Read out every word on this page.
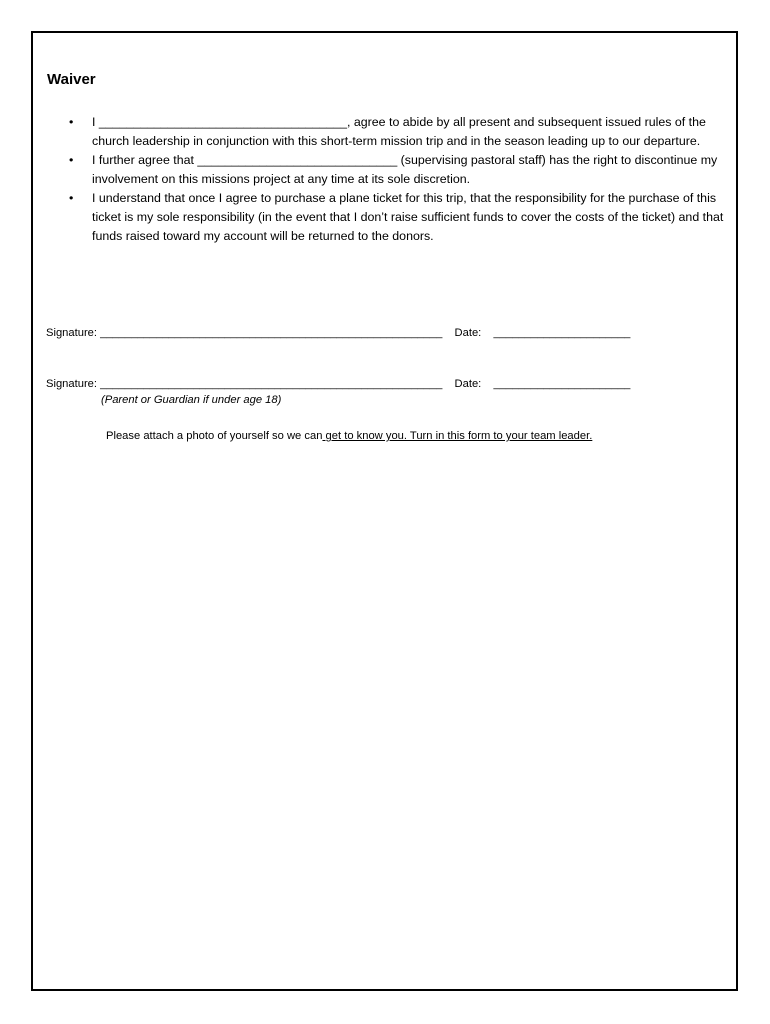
Waiver
• I ____________________________________, agree to abide by all present and subsequent issued rules of the church leadership in conjunction with this short-term mission trip and in the season leading up to our departure.
• I further agree that _____________________________ (supervising pastoral staff) has the right to discontinue my involvement on this missions project at any time at its sole discretion.
• I understand that once I agree to purchase a plane ticket for this trip, that the responsibility for the purchase of this ticket is my sole responsibility (in the event that I don’t raise sufficient funds to cover the costs of the ticket) and that funds raised toward my account will be returned to the donors.
Signature: _______________________________________________________ Date: ______________________
Signature: _______________________________________________________ Date: ______________________
(Parent or Guardian if under age 18)
Please attach a photo of yourself so we can get to know you. Turn in this form to your team leader.
